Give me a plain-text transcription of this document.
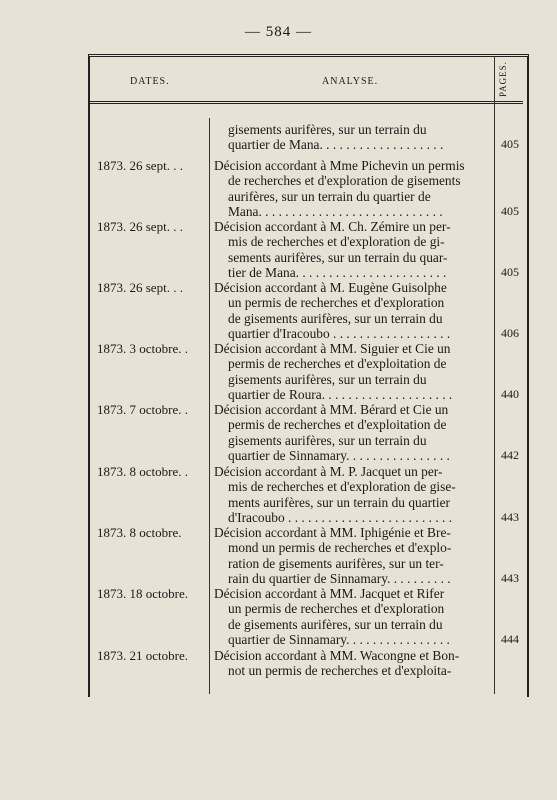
— 584 —
DATES.	ANALYSE.	PAGES.
gisements aurifères, sur un terrain du
quartier de Mana. . . . . . . . . . . . . . . . . . .	405
1873. 26 sept. . .	Décision accordant à Mme Pichevin un permis
de recherches et d'exploration de gisements
aurifères, sur un terrain du quartier de
Mana. . . . . . . . . . . . . . . . . . . . . . . . . . . .	405
1873. 26 sept. . .	Décision accordant à M. Ch. Zémire un per-
mis de recherches et d'exploration de gi-
sements aurifères, sur un terrain du quar-
tier de Mana. . . . . . . . . . . . . . . . . . . . . . .	405
1873. 26 sept. . .	Décision accordant à M. Eugène Guisolphe
un permis de recherches et d'exploration
de gisements aurifères, sur un terrain du
quartier d'Iracoubo . . . . . . . . . . . . . . . . . .	406
1873. 3 octobre. .	Décision accordant à MM. Siguier et Cie un
permis de recherches et d'exploitation de
gisements aurifères, sur un terrain du
quartier de Roura. . . . . . . . . . . . . . . . . . . .	440
1873. 7 octobre. .	Décision accordant à MM. Bérard et Cie un
permis de recherches et d'exploitation de
gisements aurifères, sur un terrain du
quartier de Sinnamary. . . . . . . . . . . . . . . .	442
1873. 8 octobre. .	Décision accordant à M. P. Jacquet un per-
mis de recherches et d'exploration de gise-
ments aurifères, sur un terrain du quartier
d'Iracoubo . . . . . . . . . . . . . . . . . . . . . . . . .	443
1873. 8 octobre.	Décision accordant à MM. Iphigénie et Bre-
mond un permis de recherches et d'explo-
ration de gisements aurifères, sur un ter-
rain du quartier de Sinnamary. . . . . . . . . .	443
1873. 18 octobre.	Décision accordant à MM. Jacquet et Rifer
un permis de recherches et d'exploration
de gisements aurifères, sur un terrain du
quartier de Sinnamary. . . . . . . . . . . . . . . .	444
1873. 21 octobre.	Décision accordant à MM. Wacongne et Bon-
not un permis de recherches et d'exploita-
